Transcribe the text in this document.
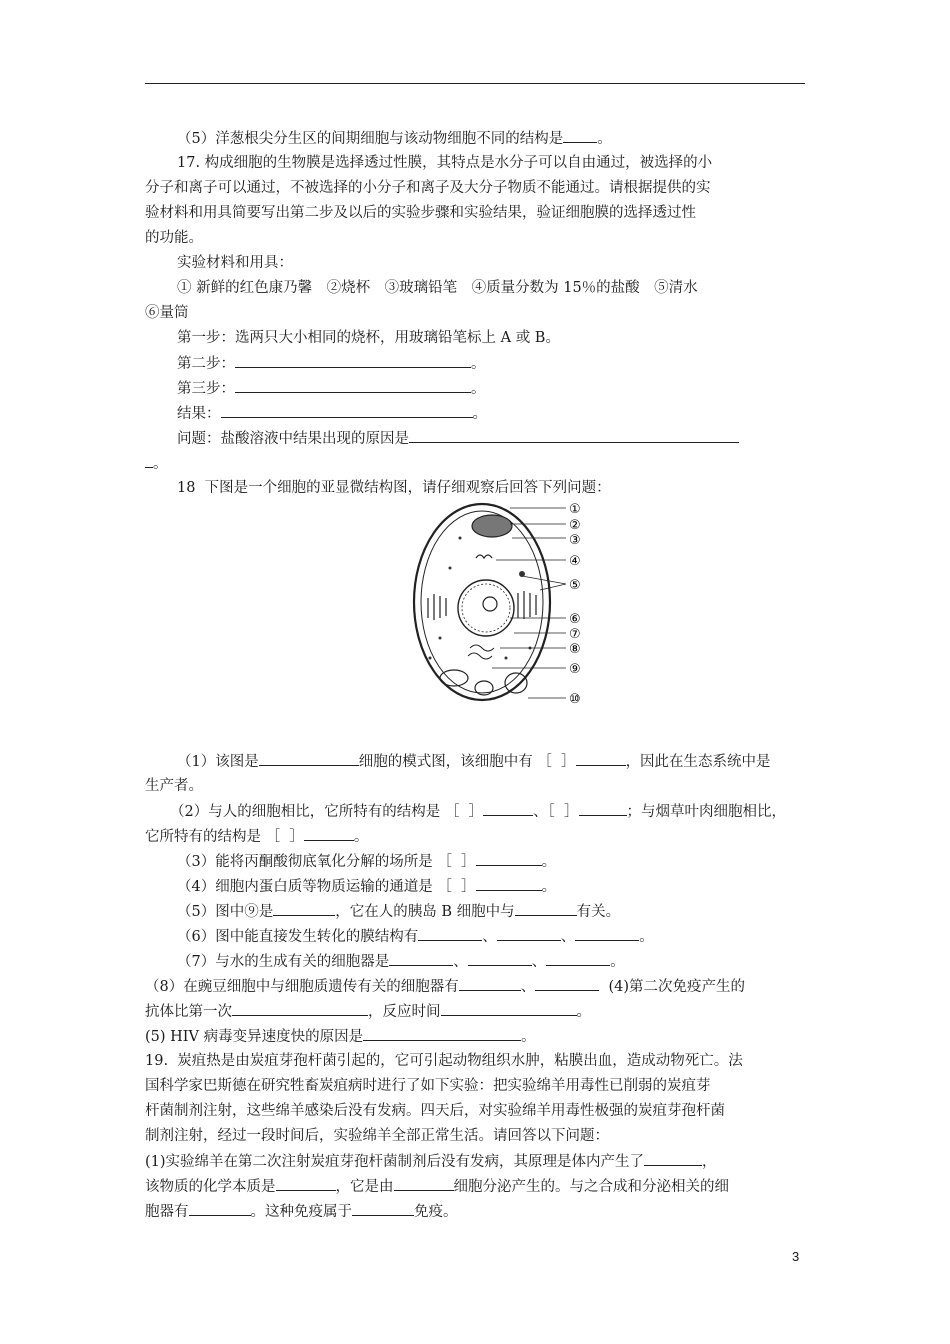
（5）洋葱根尖分生区的间期细胞与该动物细胞不同的结构是 。
17. 构成细胞的生物膜是选择透过性膜，其特点是水分子可以自由通过，被选择的小
分子和离子可以通过，不被选择的小分子和离子及大分子物质不能通过。请根据提供的实
验材料和用具简要写出第二步及以后的实验步骤和实验结果，验证细胞膜的选择透过性
的功能。
实验材料和用具：
① 新鲜的红色康乃馨　②烧杯　③玻璃铅笔　④质量分数为 15％的盐酸　⑤清水
⑥量筒
第一步：选两只大小相同的烧杯，用玻璃铅笔标上 A 或 B。
第二步：	。
第三步：	。
结果：	。
问题：盐酸溶液中结果出现的原因是
。
18  下图是一个细胞的亚显微结构图，请仔细观察后回答下列问题：
①
②
③
④
⑤
⑥
⑦
⑧
⑨
⑩
（1）该图是	细胞的模式图，该细胞中有 ［  ］	，因此在生态系统中是
生产者。
（2）与人的细胞相比，它所特有的结构是 ［  ］	、［  ］	；与烟草叶肉细胞相比，
它所特有的结构是 ［  ］	。
（3）能将丙酮酸彻底氧化分解的场所是 ［  ］	。
（4）细胞内蛋白质等物质运输的通道是 ［  ］	。
（5）图中⑨是	，它在人的胰岛 B 细胞中与	有关。
（6）图中能直接发生转化的膜结构有	、	、	。
（7）与水的生成有关的细胞器是	、	、	。
（8）在豌豆细胞中与细胞质遗传有关的细胞器有	、	(4)第二次免疫产生的
抗体比第一次	，反应时间	。
(5) HIV 病毒变异速度快的原因是	。
19.  炭疽热是由炭疽芽孢杆菌引起的，它可引起动物组织水肿，粘膜出血，造成动物死亡。法
国科学家巴斯德在研究牲畜炭疽病时进行了如下实验：把实验绵羊用毒性已削弱的炭疽芽
杆菌制剂注射，这些绵羊感染后没有发病。四天后，对实验绵羊用毒性极强的炭疽芽孢杆菌
制剂注射，经过一段时间后，实验绵羊全部正常生活。请回答以下问题：
(1)实验绵羊在第二次注射炭疽芽孢杆菌制剂后没有发病，其原理是体内产生了	，
该物质的化学本质是	，它是由	细胞分泌产生的。与之合成和分泌相关的细
胞器有	。这种免疫属于	免疫。
3
